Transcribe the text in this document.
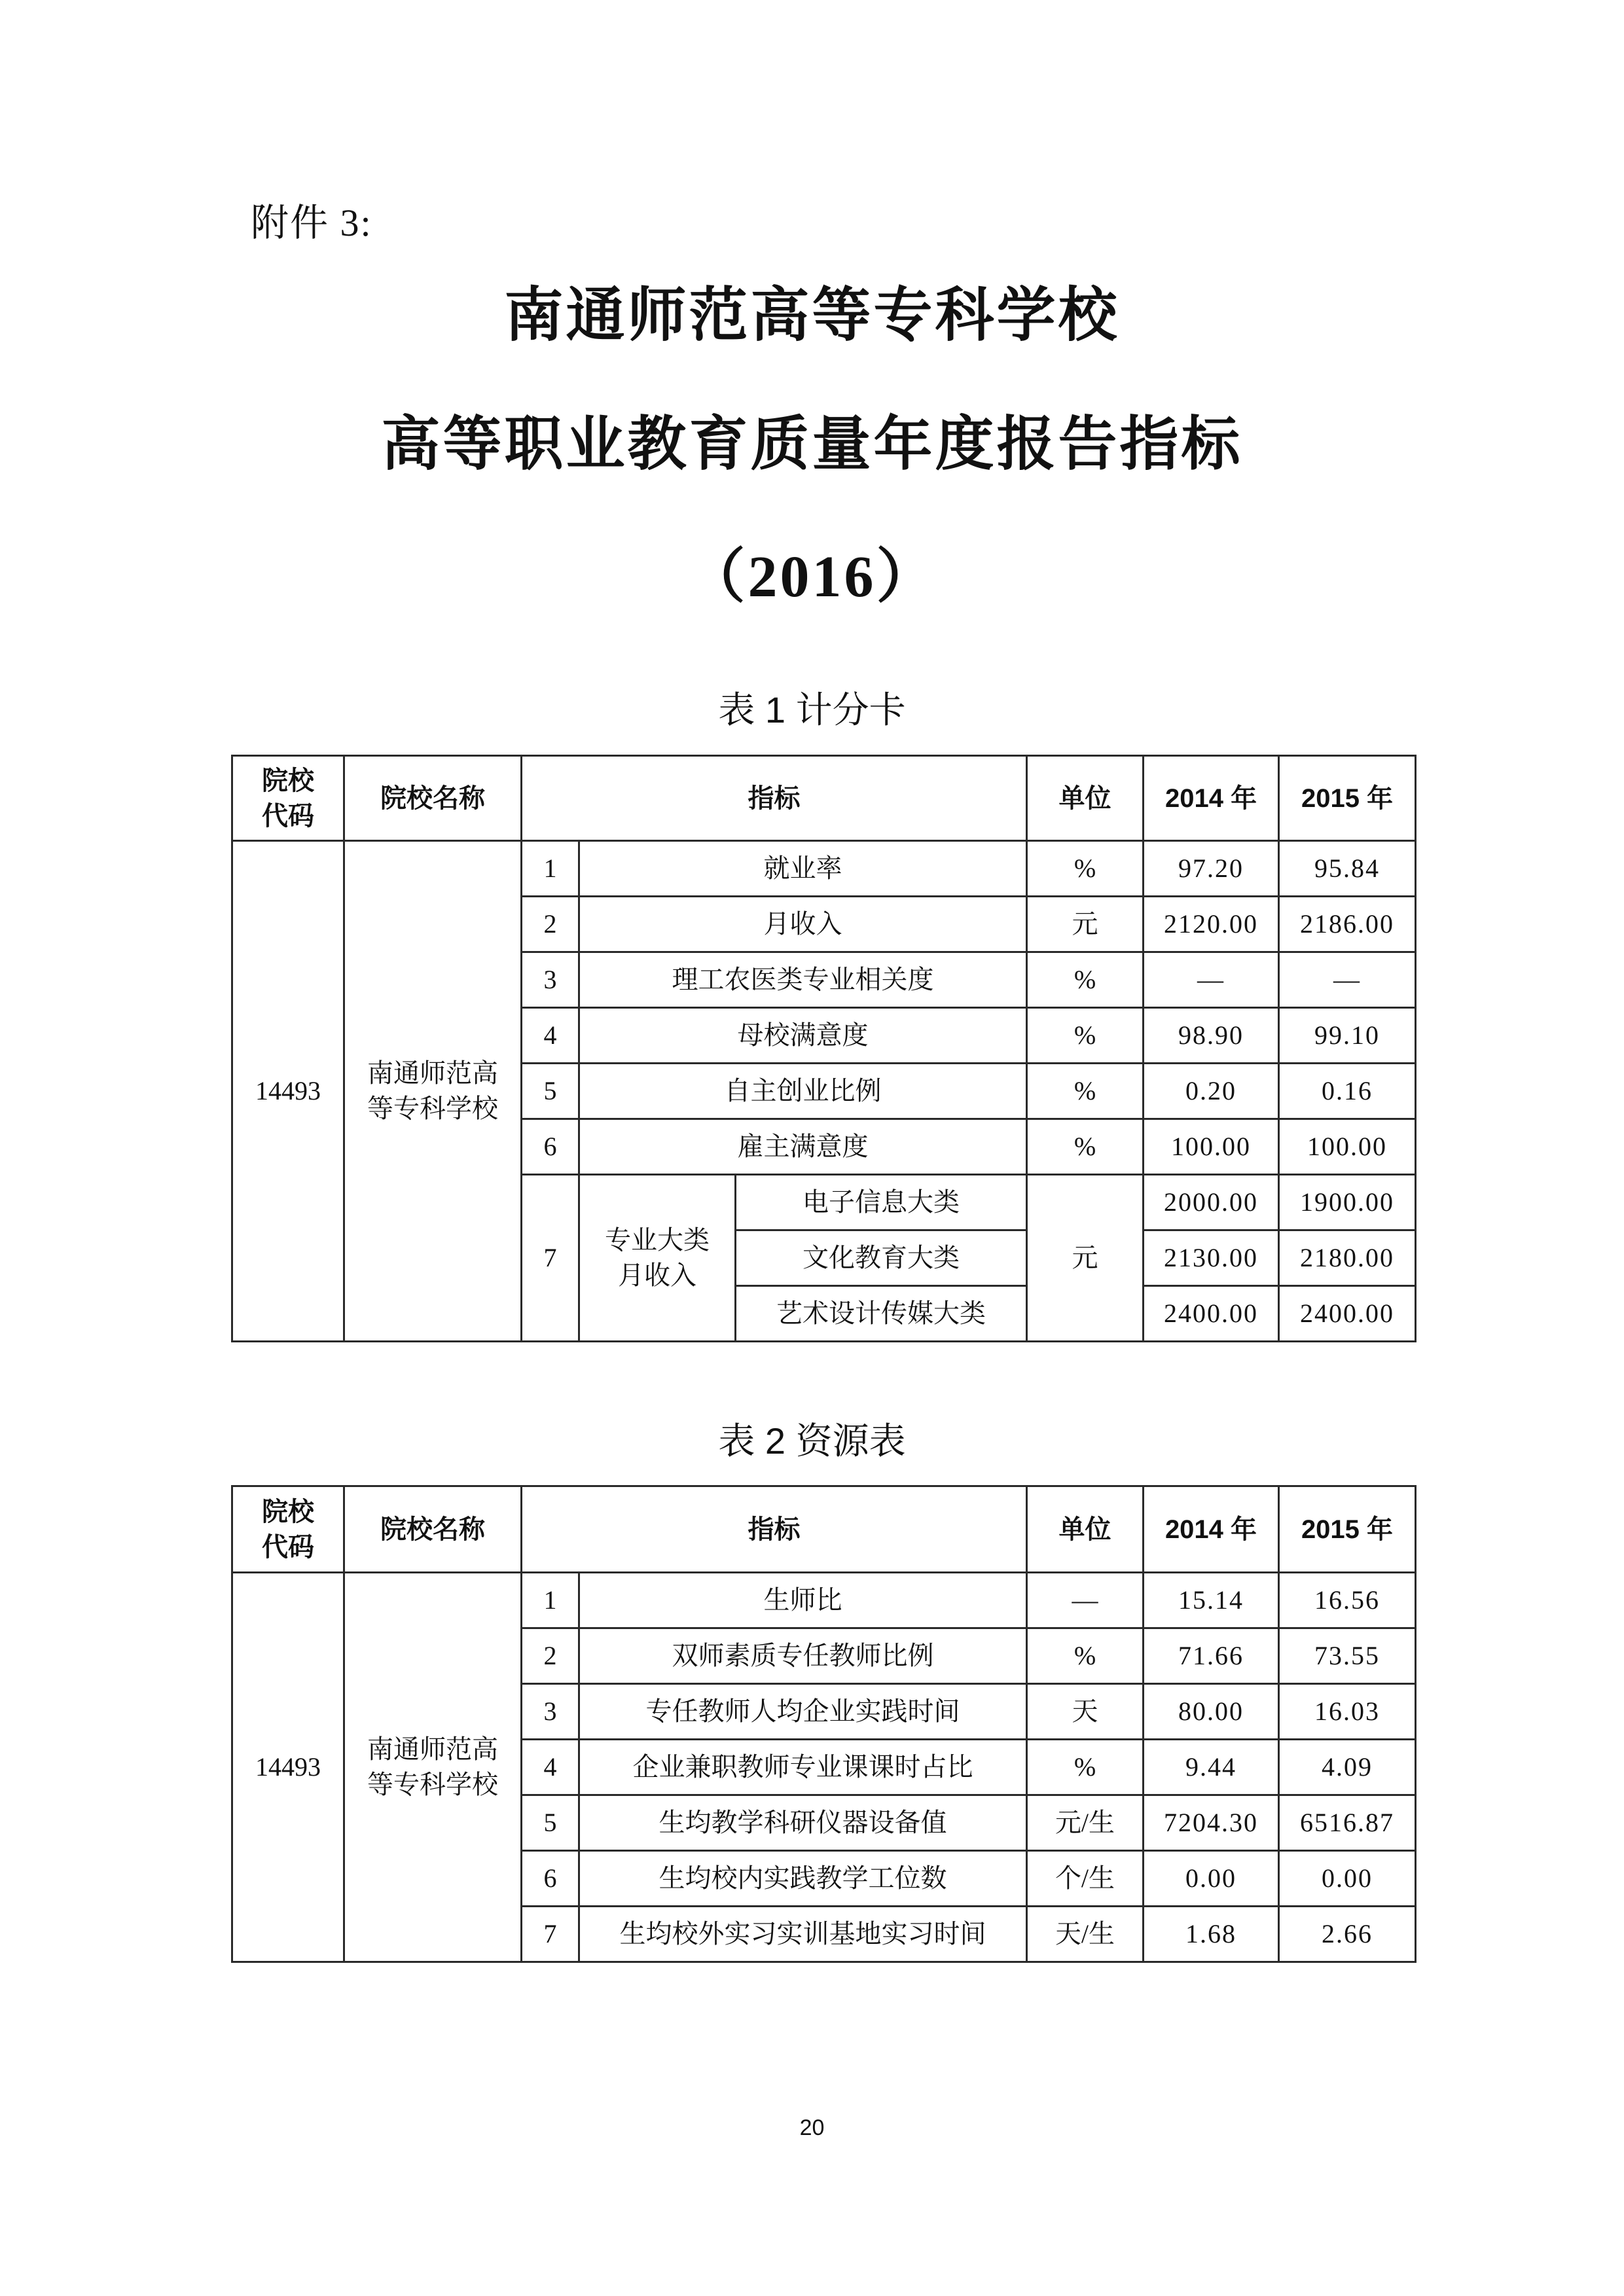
附件 3:
南通师范高等专科学校
高等职业教育质量年度报告指标
（2016）
表 1 计分卡
院校代码	院校名称	指标			单位	2014 年	2015 年
14493	南通师范高等专科学校	1	就业率		%	97.20	95.84
		2	月收入		元	2120.00	2186.00
		3	理工农医类专业相关度		%	—	—
		4	母校满意度		%	98.90	99.10
		5	自主创业比例		%	0.20	0.16
		6	雇主满意度		%	100.00	100.00
		7	专业大类月收入	电子信息大类	元	2000.00	1900.00
				文化教育大类		2130.00	2180.00
				艺术设计传媒大类		2400.00	2400.00
表 2 资源表
院校代码	院校名称	指标		单位	2014 年	2015 年
14493	南通师范高等专科学校	1	生师比	—	15.14	16.56
		2	双师素质专任教师比例	%	71.66	73.55
		3	专任教师人均企业实践时间	天	80.00	16.03
		4	企业兼职教师专业课课时占比	%	9.44	4.09
		5	生均教学科研仪器设备值	元/生	7204.30	6516.87
		6	生均校内实践教学工位数	个/生	0.00	0.00
		7	生均校外实习实训基地实习时间	天/生	1.68	2.66
20
